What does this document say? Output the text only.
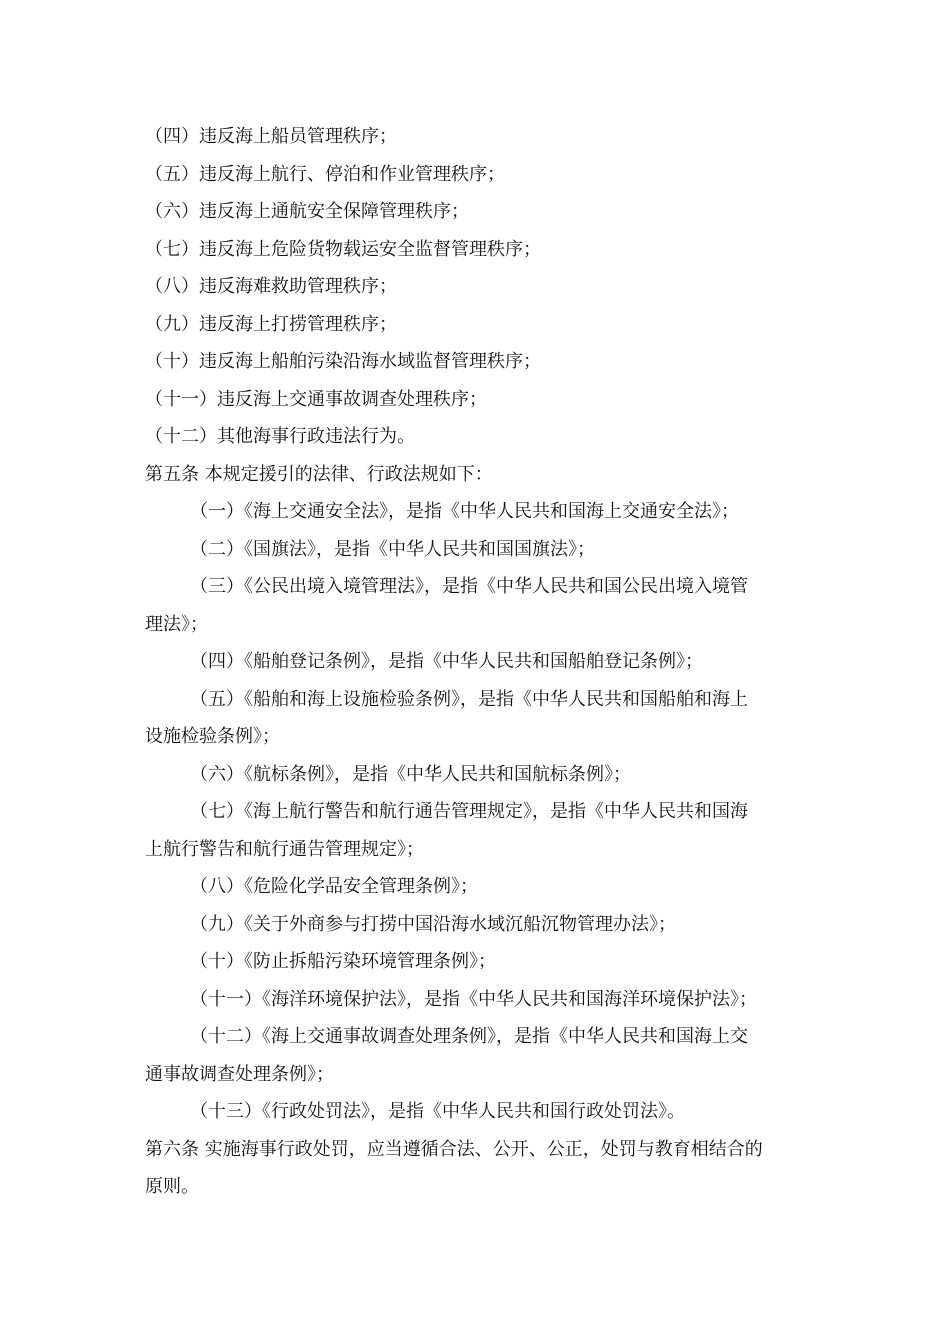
（四）违反海上船员管理秩序；
（五）违反海上航行、停泊和作业管理秩序；
（六）违反海上通航安全保障管理秩序；
（七）违反海上危险货物载运安全监督管理秩序；
（八）违反海难救助管理秩序；
（九）违反海上打捞管理秩序；
（十）违反海上船舶污染沿海水域监督管理秩序；
（十一）违反海上交通事故调查处理秩序；
（十二）其他海事行政违法行为。
第五条 本规定援引的法律、行政法规如下：
（一）《海上交通安全法》，是指《中华人民共和国海上交通安全法》；
（二）《国旗法》，是指《中华人民共和国国旗法》；
（三）《公民出境入境管理法》，是指《中华人民共和国公民出境入境管
理法》；
（四）《船舶登记条例》，是指《中华人民共和国船舶登记条例》；
（五）《船舶和海上设施检验条例》，是指《中华人民共和国船舶和海上
设施检验条例》；
（六）《航标条例》，是指《中华人民共和国航标条例》；
（七）《海上航行警告和航行通告管理规定》，是指《中华人民共和国海
上航行警告和航行通告管理规定》；
（八）《危险化学品安全管理条例》；
（九）《关于外商参与打捞中国沿海水域沉船沉物管理办法》；
（十）《防止拆船污染环境管理条例》；
（十一）《海洋环境保护法》，是指《中华人民共和国海洋环境保护法》；
（十二）《海上交通事故调查处理条例》，是指《中华人民共和国海上交
通事故调查处理条例》；
（十三）《行政处罚法》，是指《中华人民共和国行政处罚法》。
第六条 实施海事行政处罚，应当遵循合法、公开、公正，处罚与教育相结合的
原则。
